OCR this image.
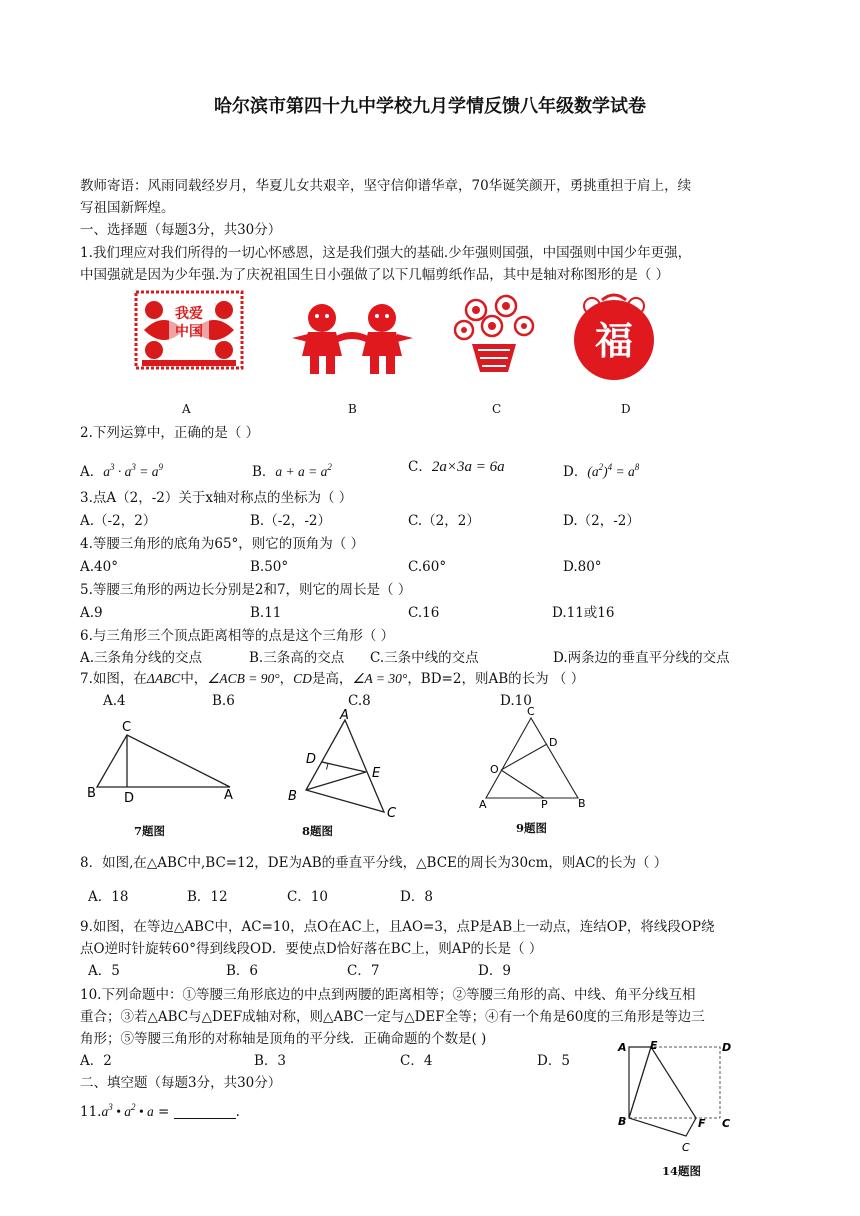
哈尔滨市第四十九中学校九月学情反馈八年级数学试卷
教师寄语：风雨同载经岁月，华夏儿女共艰辛，坚守信仰谱华章，70华诞笑颜开，勇挑重担于肩上，续
写祖国新辉煌。
一、选择题（每题3分，共30分）
1.我们理应对我们所得的一切心怀感恩，这是我们强大的基础.少年强则国强，中国强则中国少年更强，
中国强就是因为少年强.为了庆祝祖国生日小强做了以下几幅剪纸作品，其中是轴对称图形的是（ ）
我爱
中国	福
A	B	C	D
2.下列运算中，正确的是（ ）
A．$a^3 \cdot a^3 = a^9$	B．$a + a = a^2$	C．2a×3a = 6a	D．$(a^2)^4 = a^8$
3.点A（2，-2）关于x轴对称点的坐标为（ ）
A.（-2，2）	B.（-2，-2）	C.（2，2）	D.（2，-2）
4.等腰三角形的底角为65°，则它的顶角为（ ）
A.40°	B.50°	C.60°	D.80°
5.等腰三角形的两边长分别是2和7，则它的周长是（ ）
A.9	B.11	C.16	D.11或16
6.与三角形三个顶点距离相等的点是这个三角形（ ）
A.三条角分线的交点	B.三条高的交点 C.三条中线的交点	D.两条边的垂直平分线的交点
7.如图，在ΔABC中，∠ACB = 90°，CD是高，∠A = 30°，BD=2，则AB的长为 （ ）
A.4	B.6	C.8	D.10
C
B D	A
7题图
A
D
E
B
C
8题图
C
D
O
A	P	B
9题图
8．如图,在△ABC中,BC=12，DE为AB的垂直平分线，△BCE的周长为30cm，则AC的长为（ ）
A．18	B．12	C．10	D．8
9.如图，在等边△ABC中，AC=10，点O在AC上，且AO=3，点P是AB上一动点，连结OP，将线段OP绕
点O逆时针旋转60°得到线段OD．要使点D恰好落在BC上，则AP的长是（ ）
A．5	B．6	C．7	D．9
10.下列命题中：①等腰三角形底边的中点到两腰的距离相等；②等腰三角形的高、中线、角平分线互相
重合；③若△ABC与△DEF成轴对称，则△ABC一定与△DEF全等；④有一个角是60度的三角形是等边三
角形；⑤等腰三角形的对称轴是顶角的平分线．正确命题的个数是( )
A．2	B．3	C．4	D．5
二、填空题（每题3分，共30分）
$11.a^3$ • $a^2$ • a =	.
A E	D
B	F C
C
14题图
